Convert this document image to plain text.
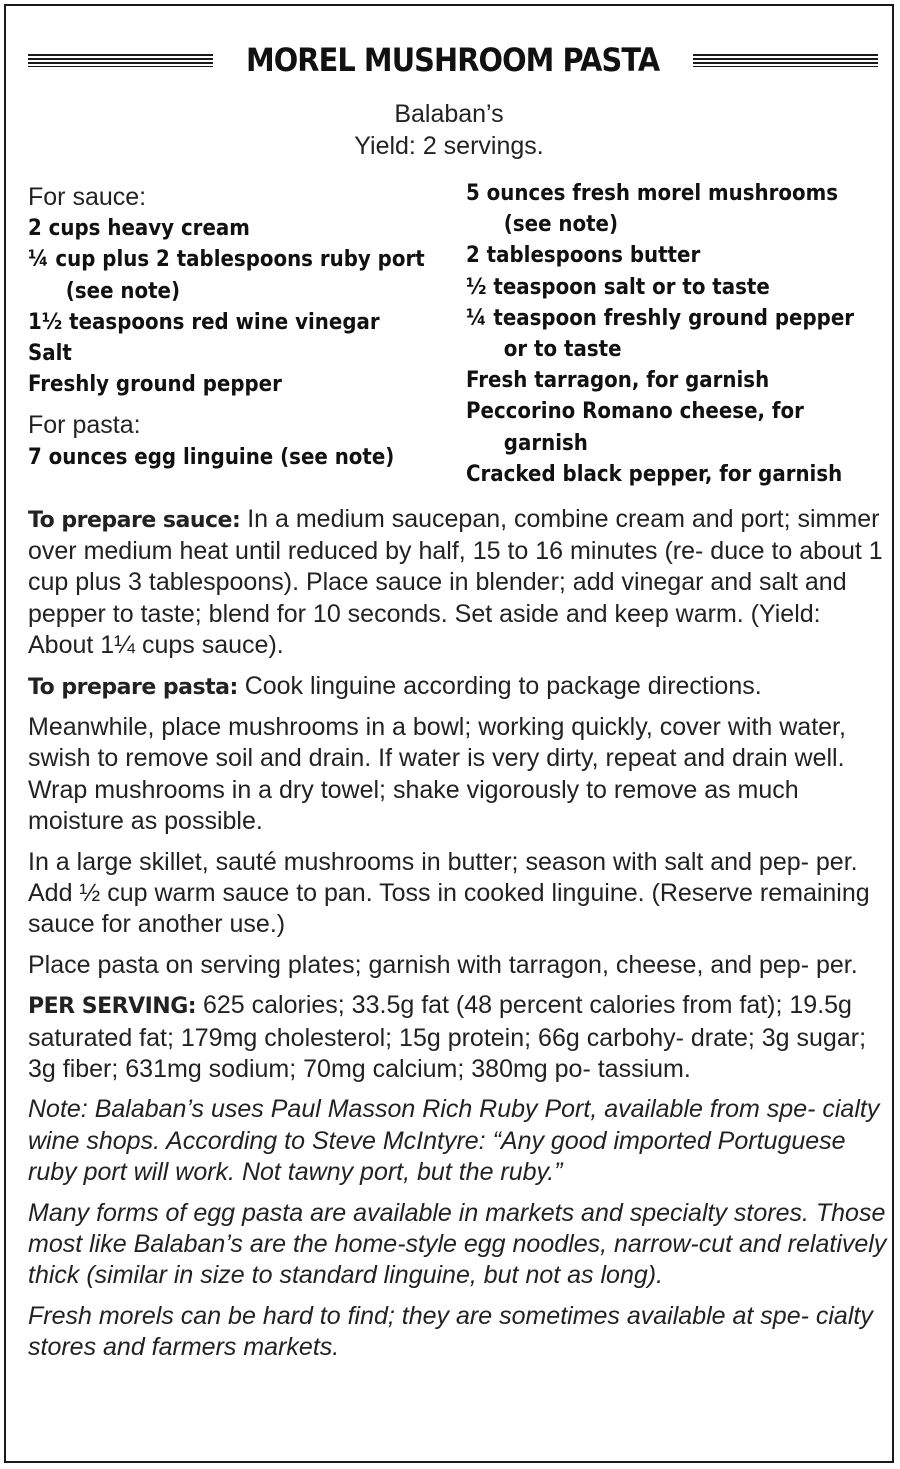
MOREL MUSHROOM PASTA
Balaban’s
Yield: 2 servings.
For sauce:
2 cups heavy cream
¼ cup plus 2 tablespoons ruby port
(see note)
1½ teaspoons red wine vinegar
Salt
Freshly ground pepper
For pasta:
7 ounces egg linguine (see note)
5 ounces fresh morel mushrooms
(see note)
2 tablespoons butter
½ teaspoon salt or to taste
¼ teaspoon freshly ground pepper
or to taste
Fresh tarragon, for garnish
Peccorino Romano cheese, for
garnish
Cracked black pepper, for garnish

To prepare sauce: In a medium saucepan, combine cream and port; simmer over medium heat until reduced by half, 15 to 16 minutes (re- duce to about 1 cup plus 3 tablespoons). Place sauce in blender; add vinegar and salt and pepper to taste; blend for 10 seconds. Set aside and keep warm. (Yield: About 1¼ cups sauce).

To prepare pasta: Cook linguine according to package directions.

Meanwhile, place mushrooms in a bowl; working quickly, cover with water, swish to remove soil and drain. If water is very dirty, repeat and drain well. Wrap mushrooms in a dry towel; shake vigorously to remove as much moisture as possible.

In a large skillet, sauté mushrooms in butter; season with salt and pep- per. Add ½ cup warm sauce to pan. Toss in cooked linguine. (Reserve remaining sauce for another use.)

Place pasta on serving plates; garnish with tarragon, cheese, and pep- per.

PER SERVING: 625 calories; 33.5g fat (48 percent calories from fat); 19.5g saturated fat; 179mg cholesterol; 15g protein; 66g carbohy- drate; 3g sugar; 3g fiber; 631mg sodium; 70mg calcium; 380mg po- tassium.

Note: Balaban’s uses Paul Masson Rich Ruby Port, available from spe- cialty wine shops. According to Steve McIntyre: “Any good imported Portuguese ruby port will work. Not tawny port, but the ruby.”

Many forms of egg pasta are available in markets and specialty stores. Those most like Balaban’s are the home-style egg noodles, narrow-cut and relatively thick (similar in size to standard linguine, but not as long).

Fresh morels can be hard to find; they are sometimes available at spe- cialty stores and farmers markets.
